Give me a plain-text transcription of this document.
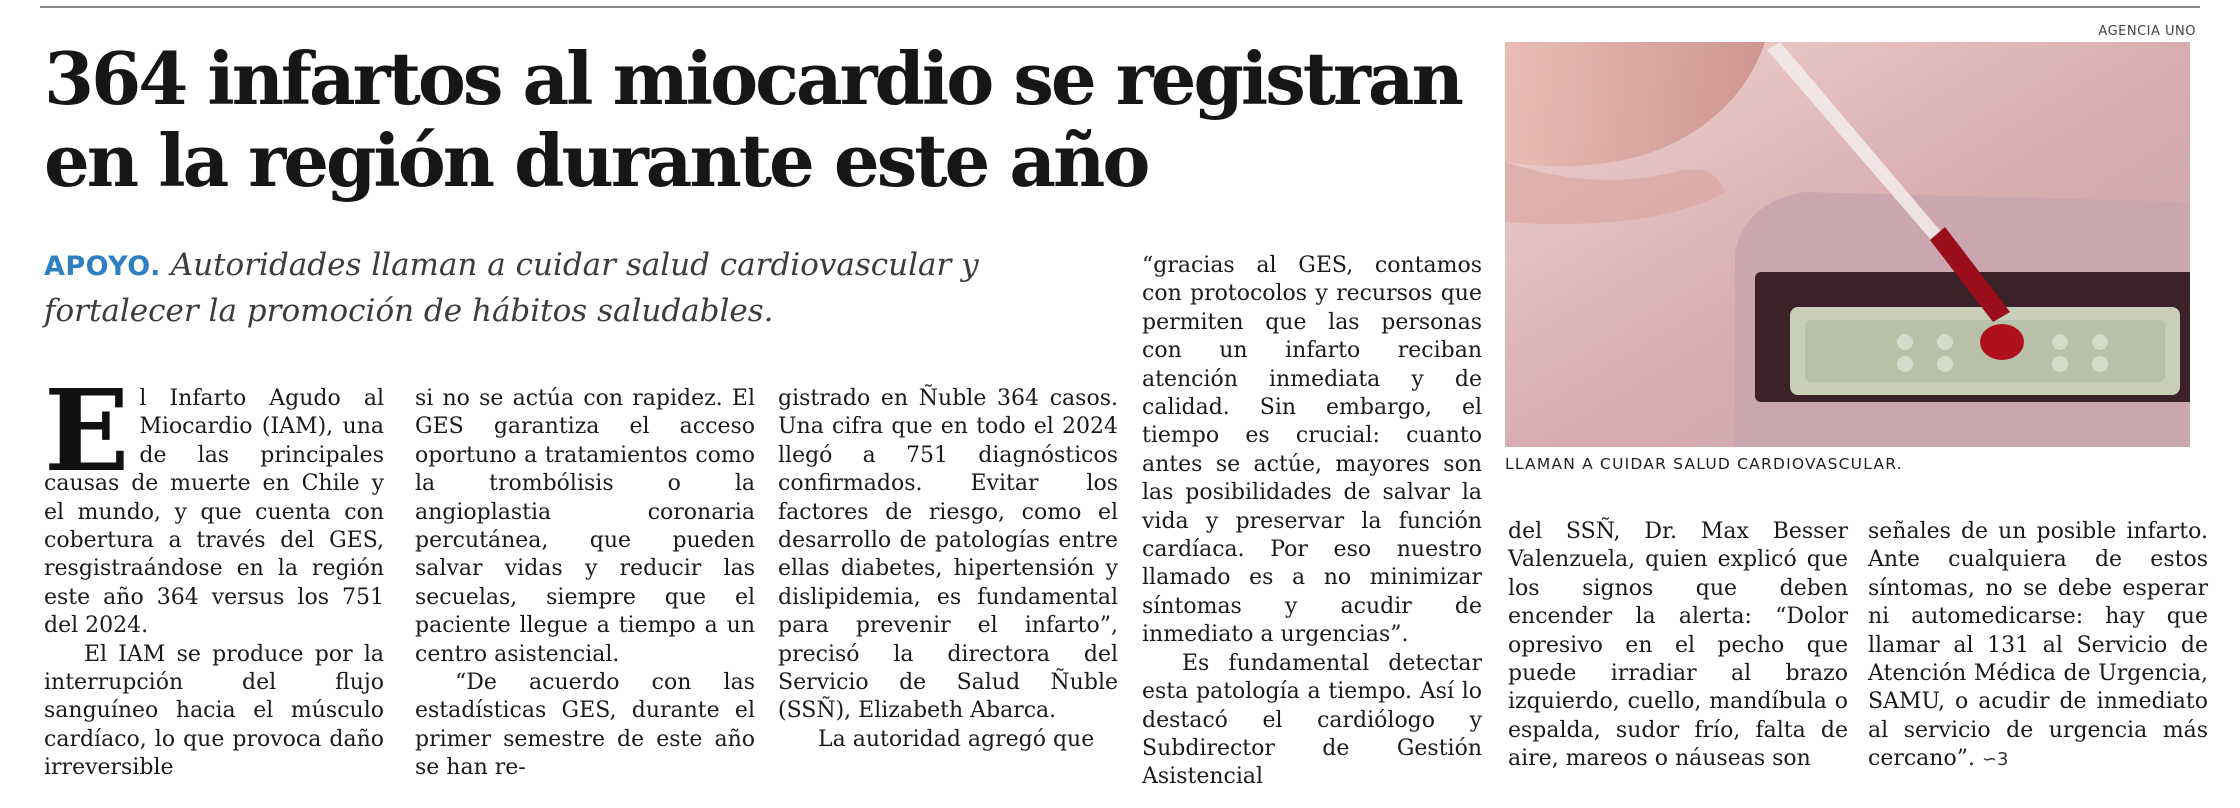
364 infartos al miocardio se registran
en la región durante este año
APOYO. Autoridades llaman a cuidar salud cardiovascular y fortalecer la promoción de hábitos saludables.

El Infarto Agudo al Miocardio (IAM), una de las principales causas de muerte en Chile y el mundo, y que cuenta con cobertura a través del GES, resgistraándose en la región este año 364 versus los 751 del 2024.

El IAM se produce por la interrupción del flujo sanguíneo hacia el músculo cardíaco, lo que provoca daño irreversible

si no se actúa con rapidez. El GES garantiza el acceso oportuno a tratamientos como la trombólisis o la angioplastia coronaria percutánea, que pueden salvar vidas y reducir las secuelas, siempre que el paciente llegue a tiempo a un centro asistencial.

“De acuerdo con las estadísticas GES, durante el primer semestre de este año se han re-

gistrado en Ñuble 364 casos. Una cifra que en todo el 2024 llegó a 751 diagnósticos confirmados. Evitar los factores de riesgo, como el desarrollo de patologías entre ellas diabetes, hipertensión y dislipidemia, es fundamental para prevenir el infarto”, precisó la directora del Servicio de Salud Ñuble (SSÑ), Elizabeth Abarca.

La autoridad agregó que

“gracias al GES, contamos con protocolos y recursos que permiten que las personas con un infarto reciban atención inmediata y de calidad. Sin embargo, el tiempo es crucial: cuanto antes se actúe, mayores son las posibilidades de salvar la vida y preservar la función cardíaca. Por eso nuestro llamado es a no minimizar síntomas y acudir de inmediato a urgencias”.

Es fundamental detectar esta patología a tiempo. Así lo destacó el cardiólogo y Subdirector de Gestión Asistencial

del SSÑ, Dr. Max Besser Valenzuela, quien explicó que los signos que deben encender la alerta: “Dolor opresivo en el pecho que puede irradiar al brazo izquierdo, cuello, mandíbula o espalda, sudor frío, falta de aire, mareos o náuseas son

señales de un posible infarto. Ante cualquiera de estos síntomas, no se debe esperar ni automedicarse: hay que llamar al 131 al Servicio de Atención Médica de Urgencia, SAMU, o acudir de inmediato al servicio de urgencia más cercano”. ∽3

AGENCIA UNO
LLAMAN A CUIDAR SALUD CARDIOVASCULAR.
